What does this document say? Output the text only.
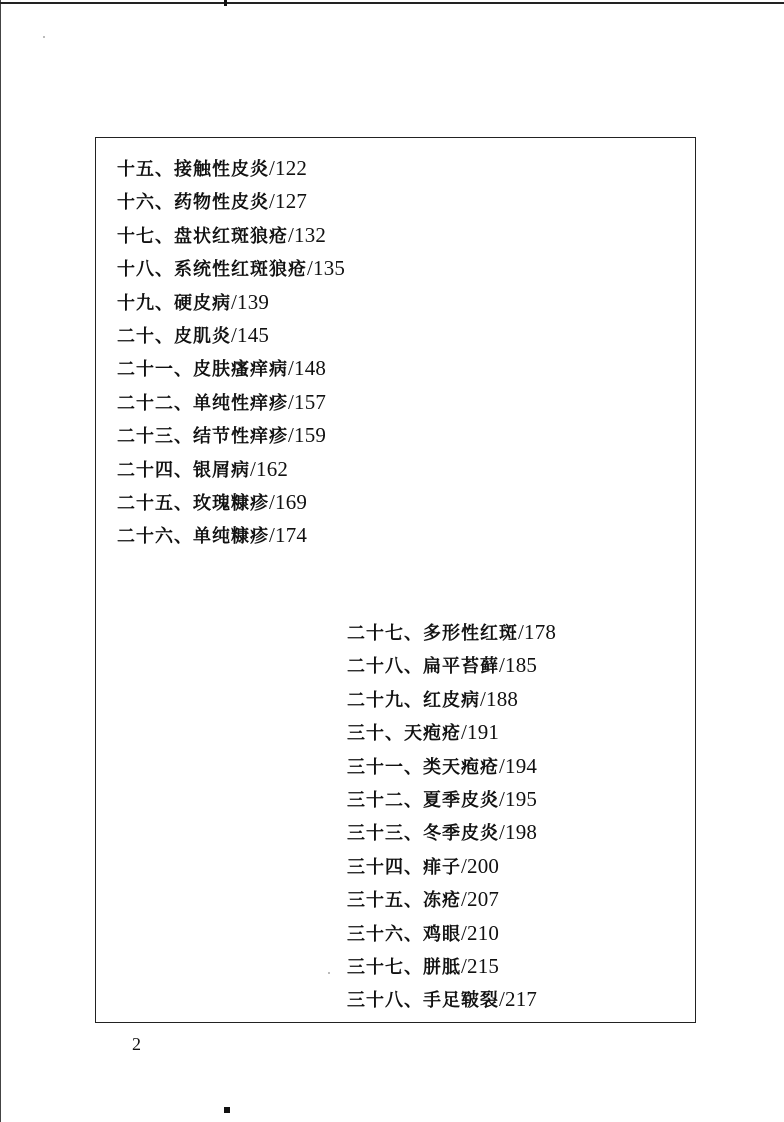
十五、接触性皮炎/122
十六、药物性皮炎/127
十七、盘状红斑狼疮/132
十八、系统性红斑狼疮/135
十九、硬皮病/139
二十、皮肌炎/145
二十一、皮肤瘙痒病/148
二十二、单纯性痒疹/157
二十三、结节性痒疹/159
二十四、银屑病/162
二十五、玫瑰糠疹/169
二十六、单纯糠疹/174
二十七、多形性红斑/178
二十八、扁平苔藓/185
二十九、红皮病/188
三十、天疱疮/191
三十一、类天疱疮/194
三十二、夏季皮炎/195
三十三、冬季皮炎/198
三十四、痱子/200
三十五、冻疮/207
三十六、鸡眼/210
三十七、胼胝/215
三十八、手足皲裂/217
2
